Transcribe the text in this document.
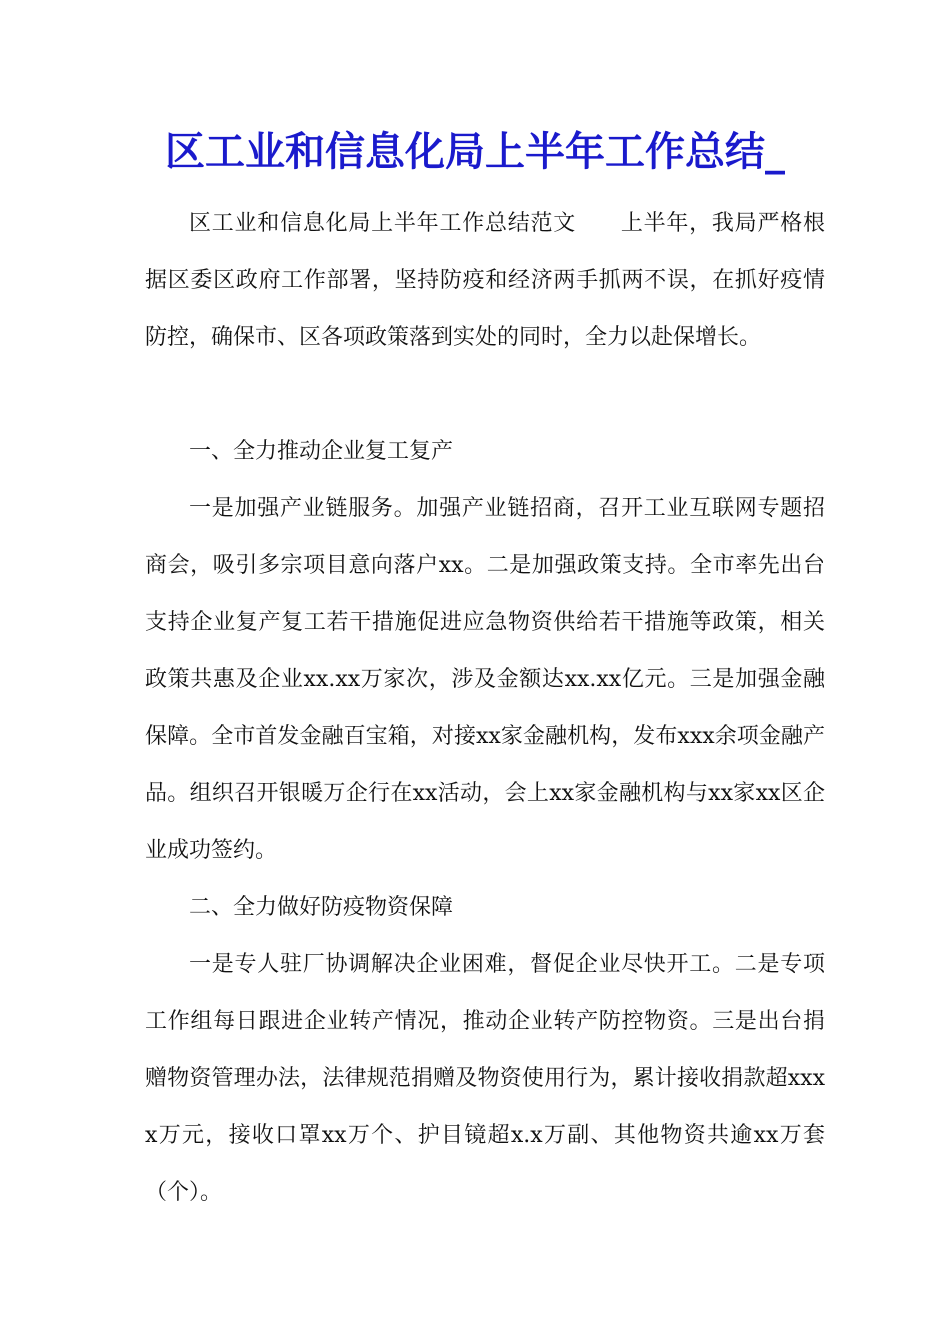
区工业和信息化局上半年工作总结_

区工业和信息化局上半年工作总结范文 上半年，我局严格根据区委区政府工作部署，坚持防疫和经济两手抓两不误，在抓好疫情防控，确保市、区各项政策落到实处的同时，全力以赴保增长。

一、全力推动企业复工复产

一是加强产业链服务。加强产业链招商，召开工业互联网专题招商会，吸引多宗项目意向落户xx。二是加强政策支持。全市率先出台支持企业复产复工若干措施促进应急物资供给若干措施等政策，相关政策共惠及企业xx.xx万家次，涉及金额达xx.xx亿元。三是加强金融保障。全市首发金融百宝箱，对接xx家金融机构，发布xxx余项金融产品。组织召开银暖万企行在xx活动，会上xx家金融机构与xx家xx区企业成功签约。

二、全力做好防疫物资保障

一是专人驻厂协调解决企业困难，督促企业尽快开工。二是专项工作组每日跟进企业转产情况，推动企业转产防控物资。三是出台捐赠物资管理办法，法律规范捐赠及物资使用行为，累计接收捐款超xxxx万元，接收口罩xx万个、护目镜超x.x万副、其他物资共逾xx万套（个）。
